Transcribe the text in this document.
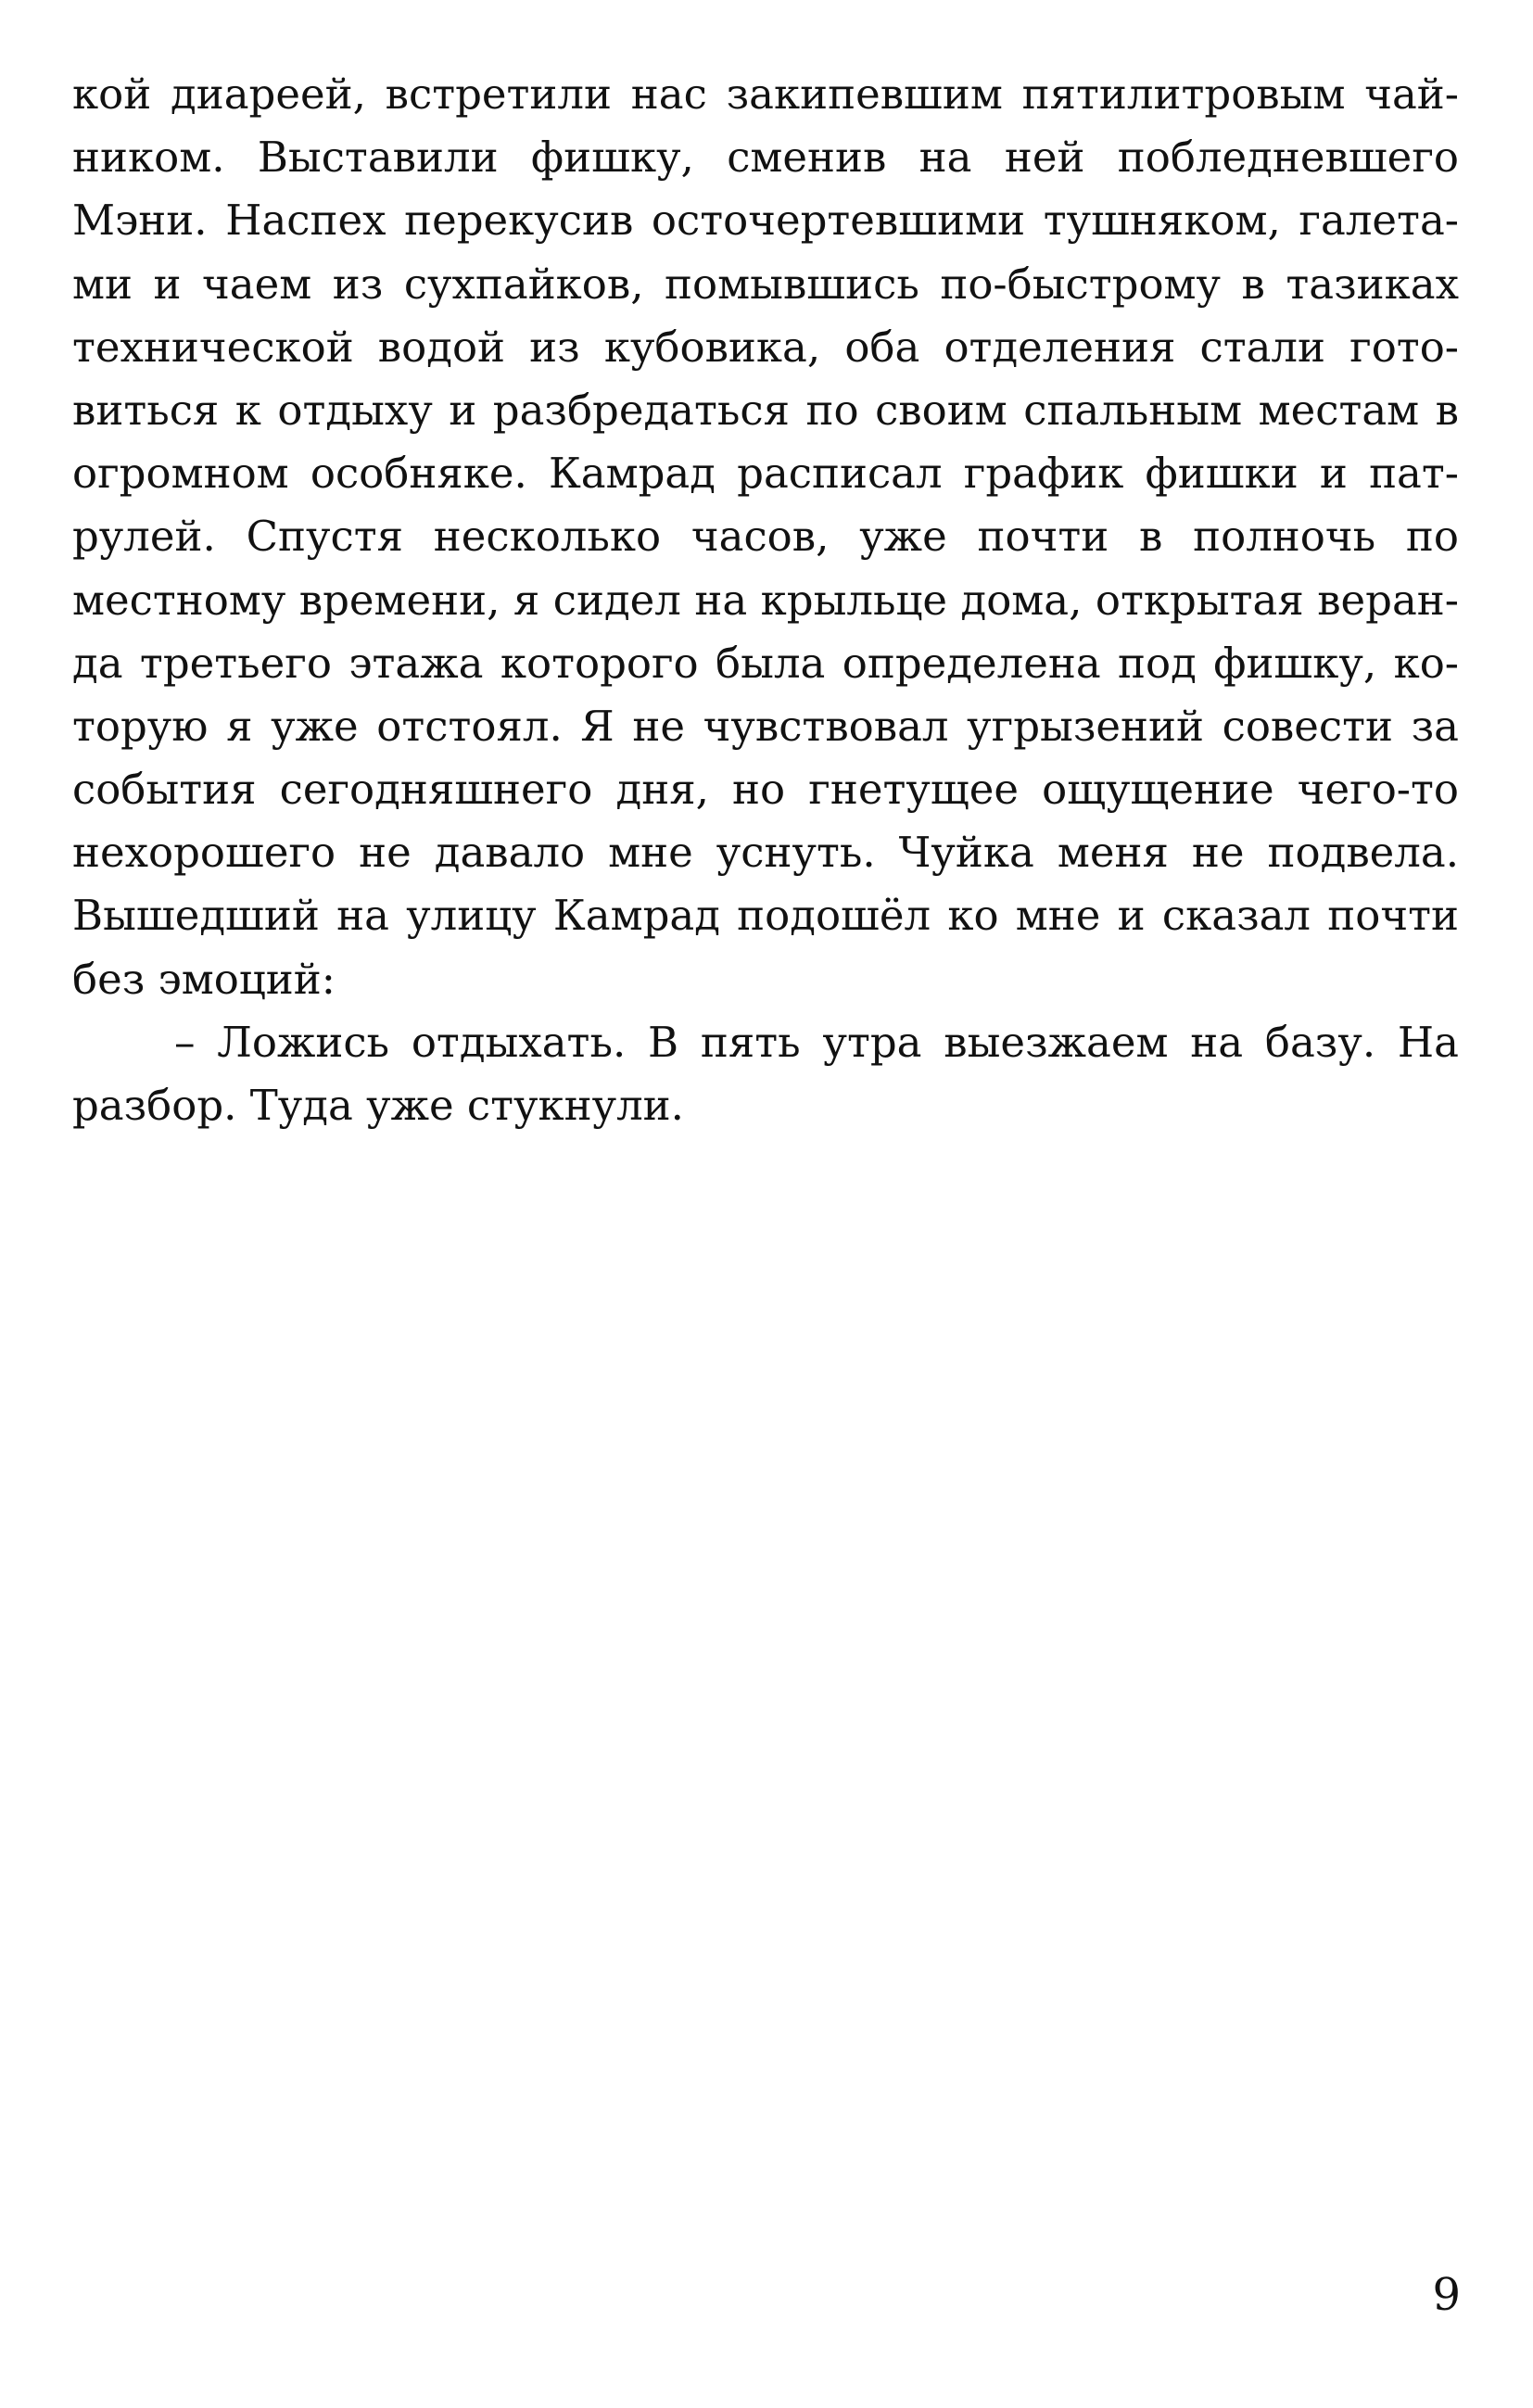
кой диареей, встретили нас закипевшим пятилитровым чай-
ником. Выставили фишку, сменив на ней побледневшего
Мэни. Наспех перекусив осточертевшими тушняком, галета-
ми и чаем из сухпайков, помывшись по-быстрому в тазиках
технической водой из кубовика, оба отделения стали гото-
виться к отдыху и разбредаться по своим спальным местам в
огромном особняке. Камрад расписал график фишки и пат-
рулей. Спустя несколько часов, уже почти в полночь по
местному времени, я сидел на крыльце дома, открытая веран-
да третьего этажа которого была определена под фишку, ко-
торую я уже отстоял. Я не чувствовал угрызений совести за
события сегодняшнего дня, но гнетущее ощущение чего-то
нехорошего не давало мне уснуть. Чуйка меня не подвела.
Вышедший на улицу Камрад подошёл ко мне и сказал почти
без эмоций:
– Ложись отдыхать. В пять утра выезжаем на базу. На
разбор. Туда уже стукнули.
9
